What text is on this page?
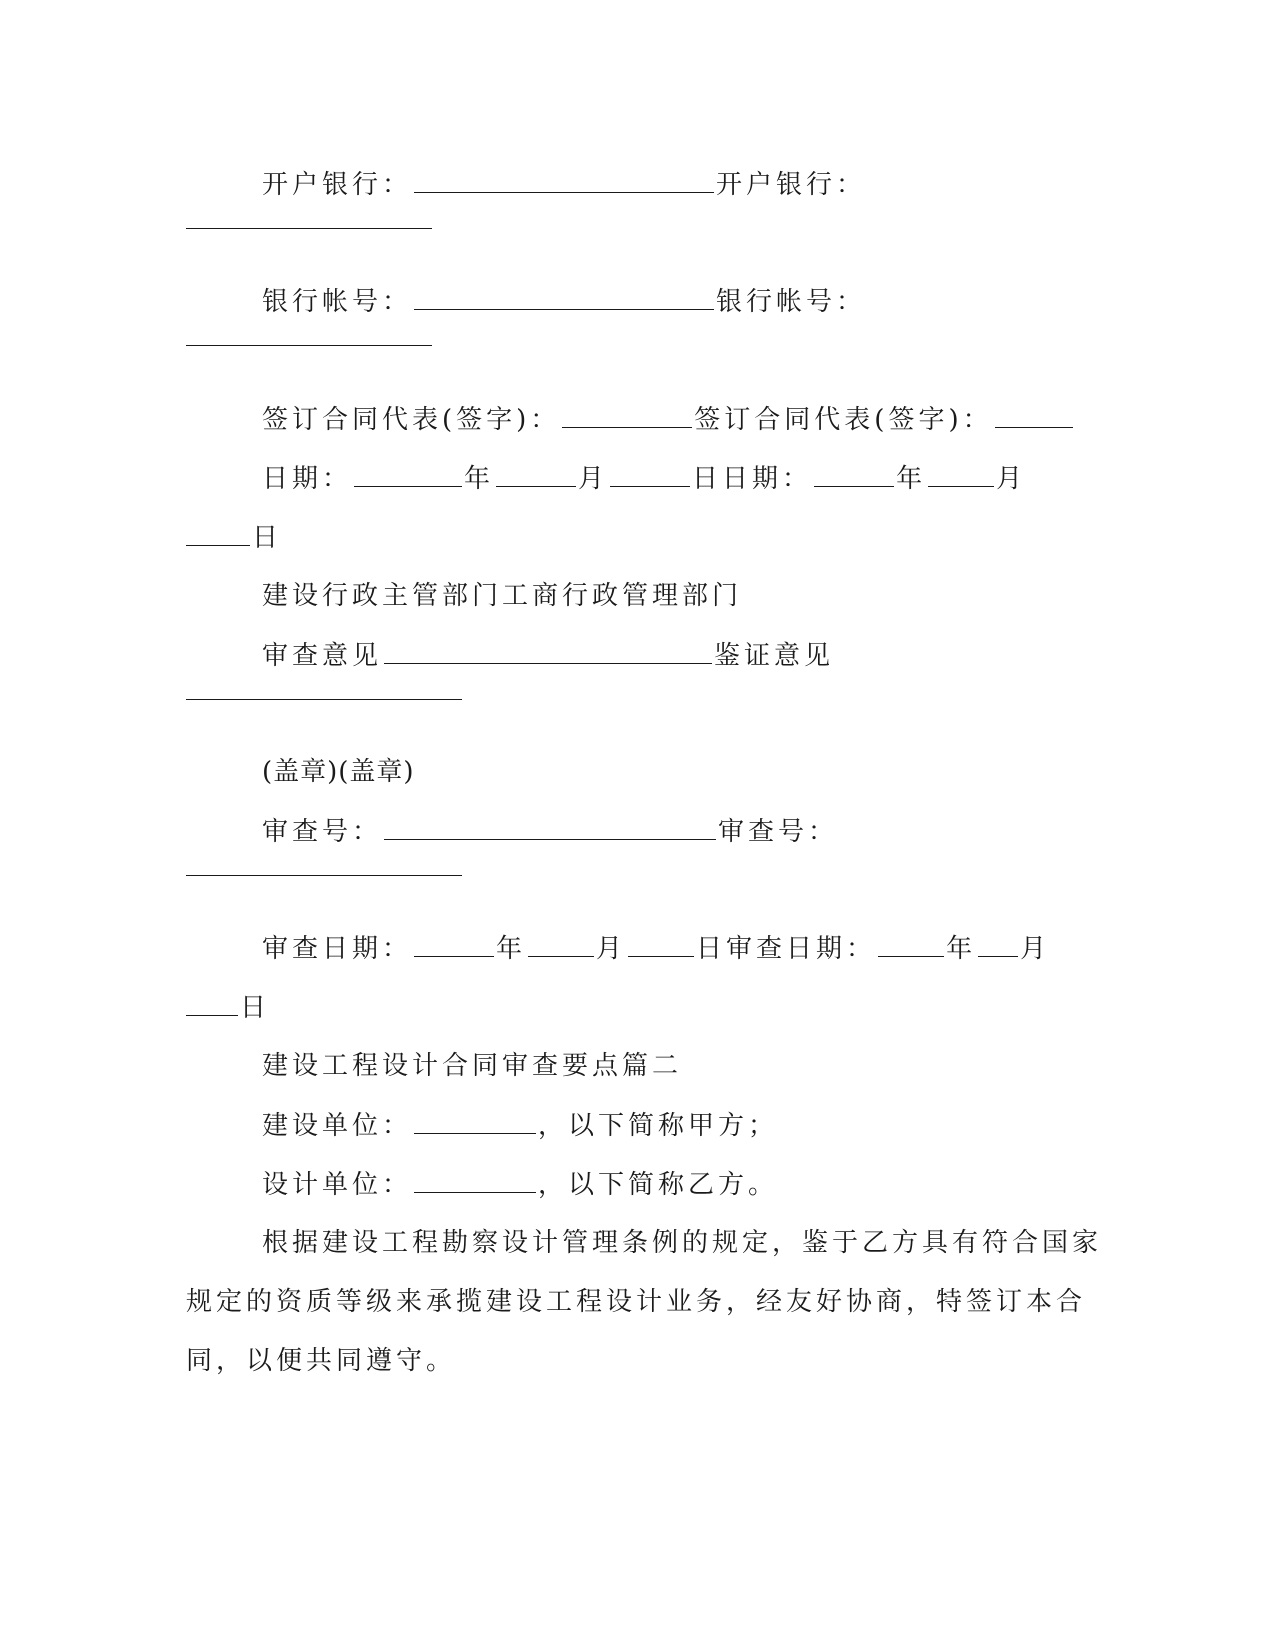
开户银行：	开户银行：
银行帐号：	银行帐号：
签订合同代表(签字)：	签订合同代表(签字)：
日期：	年	月	日日期：	年	月
日
建设行政主管部门工商行政管理部门
审查意见	鉴证意见
(盖章)(盖章)
审查号：	审查号：
审查日期：	年	月	日审查日期：	年 月
日
建设工程设计合同审查要点篇二
建设单位：	，以下简称甲方；
设计单位：	，以下简称乙方。
根据建设工程勘察设计管理条例的规定，鉴于乙方具有符合国家
规定的资质等级来承揽建设工程设计业务，经友好协商，特签订本合
同，以便共同遵守。
